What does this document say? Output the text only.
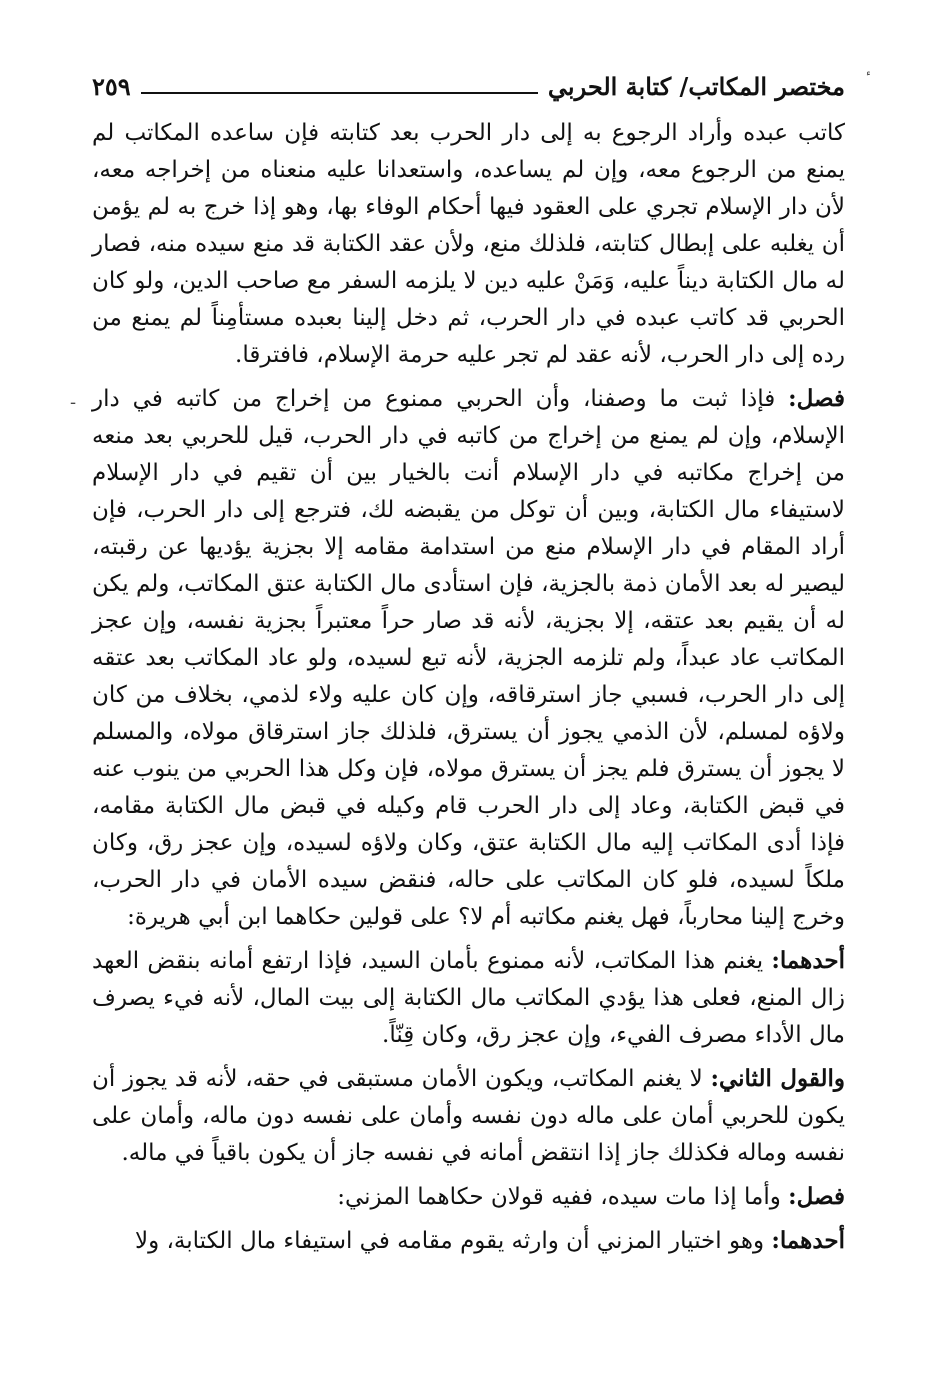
-
مختصر المكاتب/ كتابة الحربي
٢٥٩

كاتب عبده وأراد الرجوع به إلى دار الحرب بعد كتابته فإن ساعده المكاتب لم يمنع من الرجوع معه، وإن لم يساعده، واستعدانا عليه منعناه من إخراجه معه، لأن دار الإسلام تجري على العقود فيها أحكام الوفاء بها، وهو إذا خرج به لم يؤمن أن يغلبه على إبطال كتابته، فلذلك منع، ولأن عقد الكتابة قد منع سيده منه، فصار له مال الكتابة ديناً عليه، وَمَنْ عليه دين لا يلزمه السفر مع صاحب الدين، ولو كان الحربي قد كاتب عبده في دار الحرب، ثم دخل إلينا بعبده مستأمِناً لم يمنع من رده إلى دار الحرب، لأنه عقد لم تجر عليه حرمة الإسلام، فافترقا.

فصل: فإذا ثبت ما وصفنا، وأن الحربي ممنوع من إخراج من كاتبه في دار الإسلام، وإن لم يمنع من إخراج من كاتبه في دار الحرب، قيل للحربي بعد منعه من إخراج مكاتبه في دار الإسلام أنت بالخيار بين أن تقيم في دار الإسلام لاستيفاء مال الكتابة، وبين أن توكل من يقبضه لك، فترجع إلى دار الحرب، فإن أراد المقام في دار الإسلام منع من استدامة مقامه إلا بجزية يؤديها عن رقبته، ليصير له بعد الأمان ذمة بالجزية، فإن استأدى مال الكتابة عتق المكاتب، ولم يكن له أن يقيم بعد عتقه، إلا بجزية، لأنه قد صار حراً معتبراً بجزية نفسه، وإن عجز المكاتب عاد عبداً، ولم تلزمه الجزية، لأنه تبع لسيده، ولو عاد المكاتب بعد عتقه إلى دار الحرب، فسبي جاز استرقاقه، وإن كان عليه ولاء لذمي، بخلاف من كان ولاؤه لمسلم، لأن الذمي يجوز أن يسترق، فلذلك جاز استرقاق مولاه، والمسلم لا يجوز أن يسترق فلم يجز أن يسترق مولاه، فإن وكل هذا الحربي من ينوب عنه في قبض الكتابة، وعاد إلى دار الحرب قام وكيله في قبض مال الكتابة مقامه، فإذا أدى المكاتب إليه مال الكتابة عتق، وكان ولاؤه لسيده، وإن عجز رق، وكان ملكاً لسيده، فلو كان المكاتب على حاله، فنقض سيده الأمان في دار الحرب، وخرج إلينا محارباً، فهل يغنم مكاتبه أم لا؟ على قولين حكاهما ابن أبي هريرة:

أحدهما: يغنم هذا المكاتب، لأنه ممنوع بأمان السيد، فإذا ارتفع أمانه بنقض العهد زال المنع، فعلى هذا يؤدي المكاتب مال الكتابة إلى بيت المال، لأنه فيء يصرف مال الأداء مصرف الفيء، وإن عجز رق، وكان قِنّاً.

والقول الثاني: لا يغنم المكاتب، ويكون الأمان مستبقى في حقه، لأنه قد يجوز أن يكون للحربي أمان على ماله دون نفسه وأمان على نفسه دون ماله، وأمان على نفسه وماله فكذلك جاز إذا انتقض أمانه في نفسه جاز أن يكون باقياً في ماله.

فصل: وأما إذا مات سيده، ففيه قولان حكاهما المزني:

أحدهما: وهو اختيار المزني أن وارثه يقوم مقامه في استيفاء مال الكتابة، ولا
